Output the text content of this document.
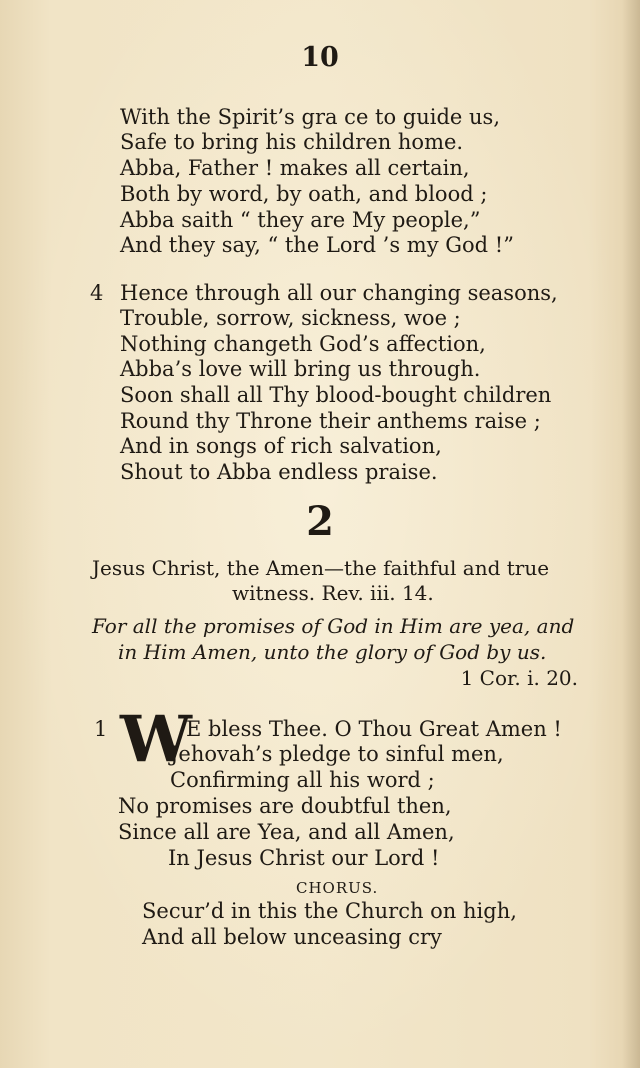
10
With the Spirit’s gra ce to guide us,
Safe to bring his children home.
Abba, Father ! makes all certain,
Both by word, by oath, and blood ;
Abba saith “ they are My people,”
And they say, “ the Lord ’s my God !”
4 Hence through all our changing seasons,
Trouble, sorrow, sickness, woe ;
Nothing changeth God’s affection,
Abba’s love will bring us through.
Soon shall all Thy blood-bought children
Round thy Throne their anthems raise ;
And in songs of rich salvation,
Shout to Abba endless praise.
2
Jesus Christ, the Amen—the faithful and true
witness. Rev. iii. 14.
For all the promises of God in Him are yea, and
in Him Amen, unto the glory of God by us.
1 Cor. i. 20.
1 W
E bless Thee. O Thou Great Amen !
Jehovah’s pledge to sinful men,
Confirming all his word ;
No promises are doubtful then,
Since all are Yea, and all Amen,
In Jesus Christ our Lord !
CHORUS.
Secur’d in this the Church on high,
And all below unceasing cry
